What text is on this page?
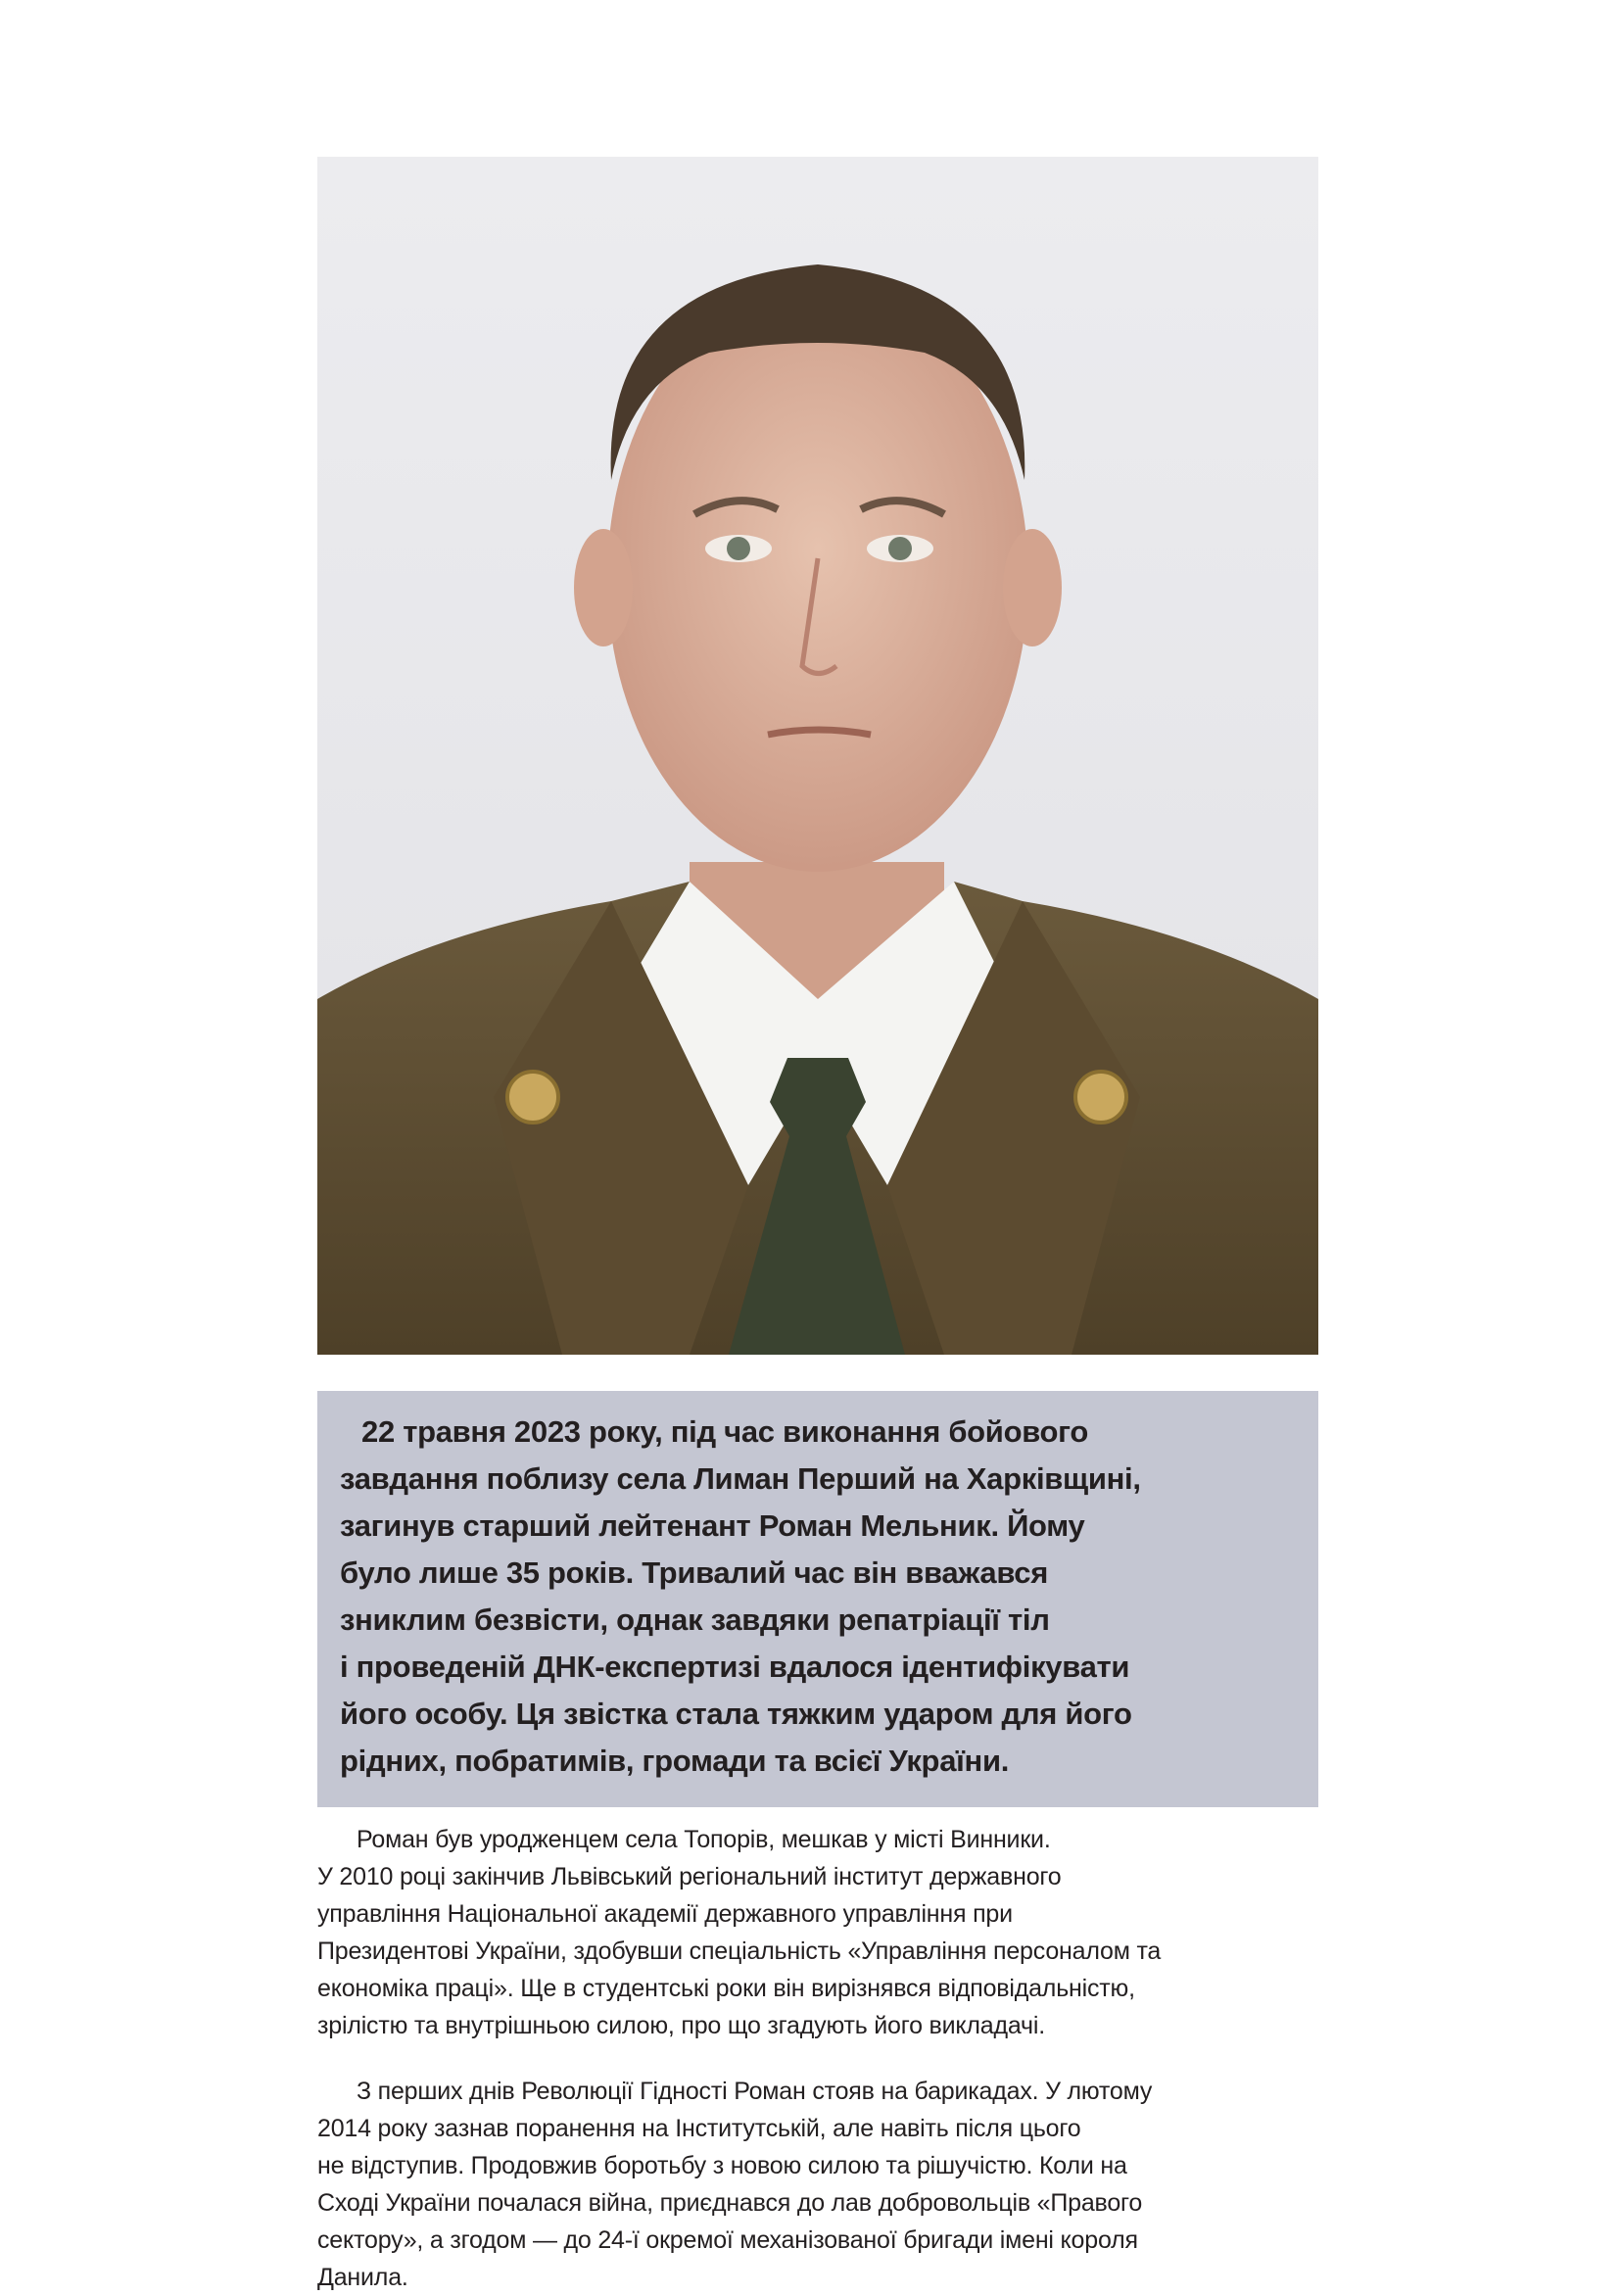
22 травня 2023 року, під час виконання бойового
завдання поблизу села Лиман Перший на Харківщині,
загинув старший лейтенант Роман Мельник. Йому
було лише 35 років. Тривалий час він вважався
зниклим безвісти, однак завдяки репатріації тіл
і проведеній ДНК-експертизі вдалося ідентифікувати
його особу. Ця звістка стала тяжким ударом для його
рідних, побратимів, громади та всієї України.
Роман був уродженцем села Топорів, мешкав у місті Винники.
У 2010 році закінчив Львівський регіональний інститут державного
управління Національної академії державного управління при
Президентові України, здобувши спеціальність «Управління персоналом та
економіка праці». Ще в студентські роки він вирізнявся відповідальністю,
зрілістю та внутрішньою силою, про що згадують його викладачі.
З перших днів Революції Гідності Роман стояв на барикадах. У лютому
2014 року зазнав поранення на Інститутській, але навіть після цього
не відступив. Продовжив боротьбу з новою силою та рішучістю. Коли на
Сході України почалася війна, приєднався до лав добровольців «Правого
сектору», а згодом — до 24-ї окремої механізованої бригади імені короля
Данила.
